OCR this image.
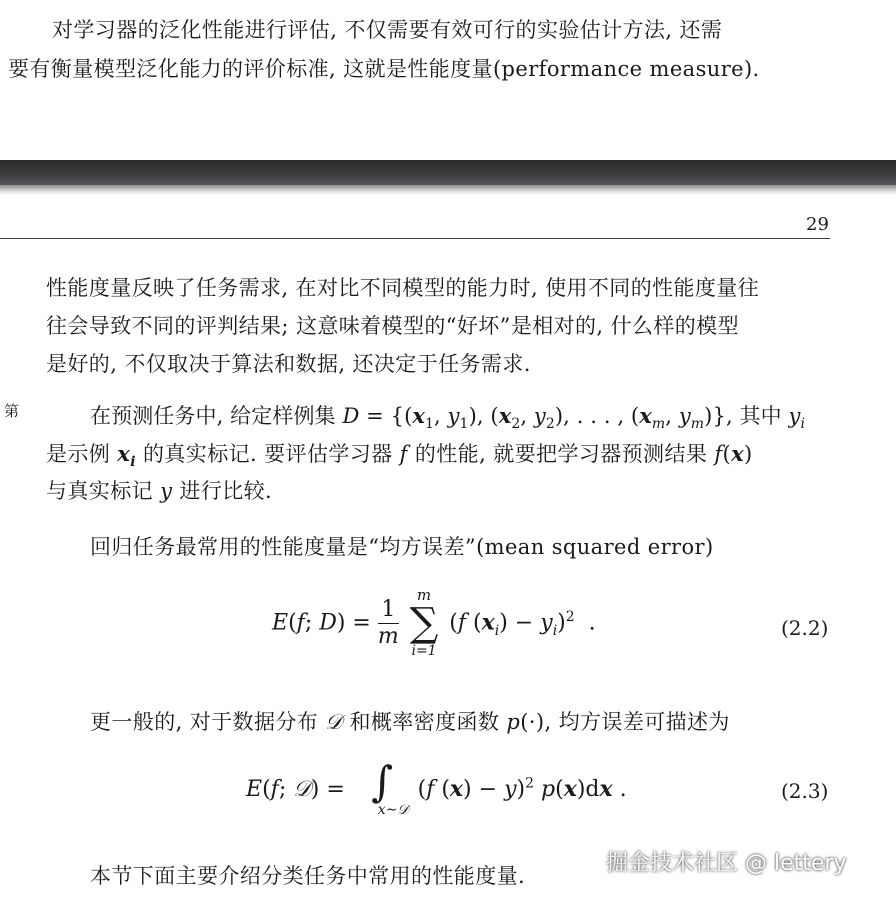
对学习器的泛化性能进行评估, 不仅需要有效可行的实验估计方法, 还需
要有衡量模型泛化能力的评价标准, 这就是性能度量(performance measure).
29
第
性能度量反映了任务需求, 在对比不同模型的能力时, 使用不同的性能度量往
往会导致不同的评判结果; 这意味着模型的“好坏”是相对的, 什么样的模型
是好的, 不仅取决于算法和数据, 还决定于任务需求.
在预测任务中, 给定样例集 $D = \{(x_1$, $y_1$), ($x_2$, $y_2$), . . . , ($x_m$, $y_m$)}, 其中 $y_i$
是示例 $x_i$ 的真实标记. 要评估学习器 f 的性能, 就要把学习器预测结果 f(x)
与真实标记 y 进行比较.
回归任务最常用的性能度量是“均方误差”(mean squared error)
E(f; $D) = \frac{1}{m}$

m
∑
i=1
(f $(x_i) - y_i)^2$  .	(2.2)
更一般的, 对于数据分布 𝒟 和概率密度函数 p(·), 均方误差可描述为
E(f; 𝒟) = ∫
x∼𝒟
(f (x) − y)$^2$ p(x)dx .	(2.3)
本节下面主要介绍分类任务中常用的性能度量.	掘金技术社区 @ lettery
